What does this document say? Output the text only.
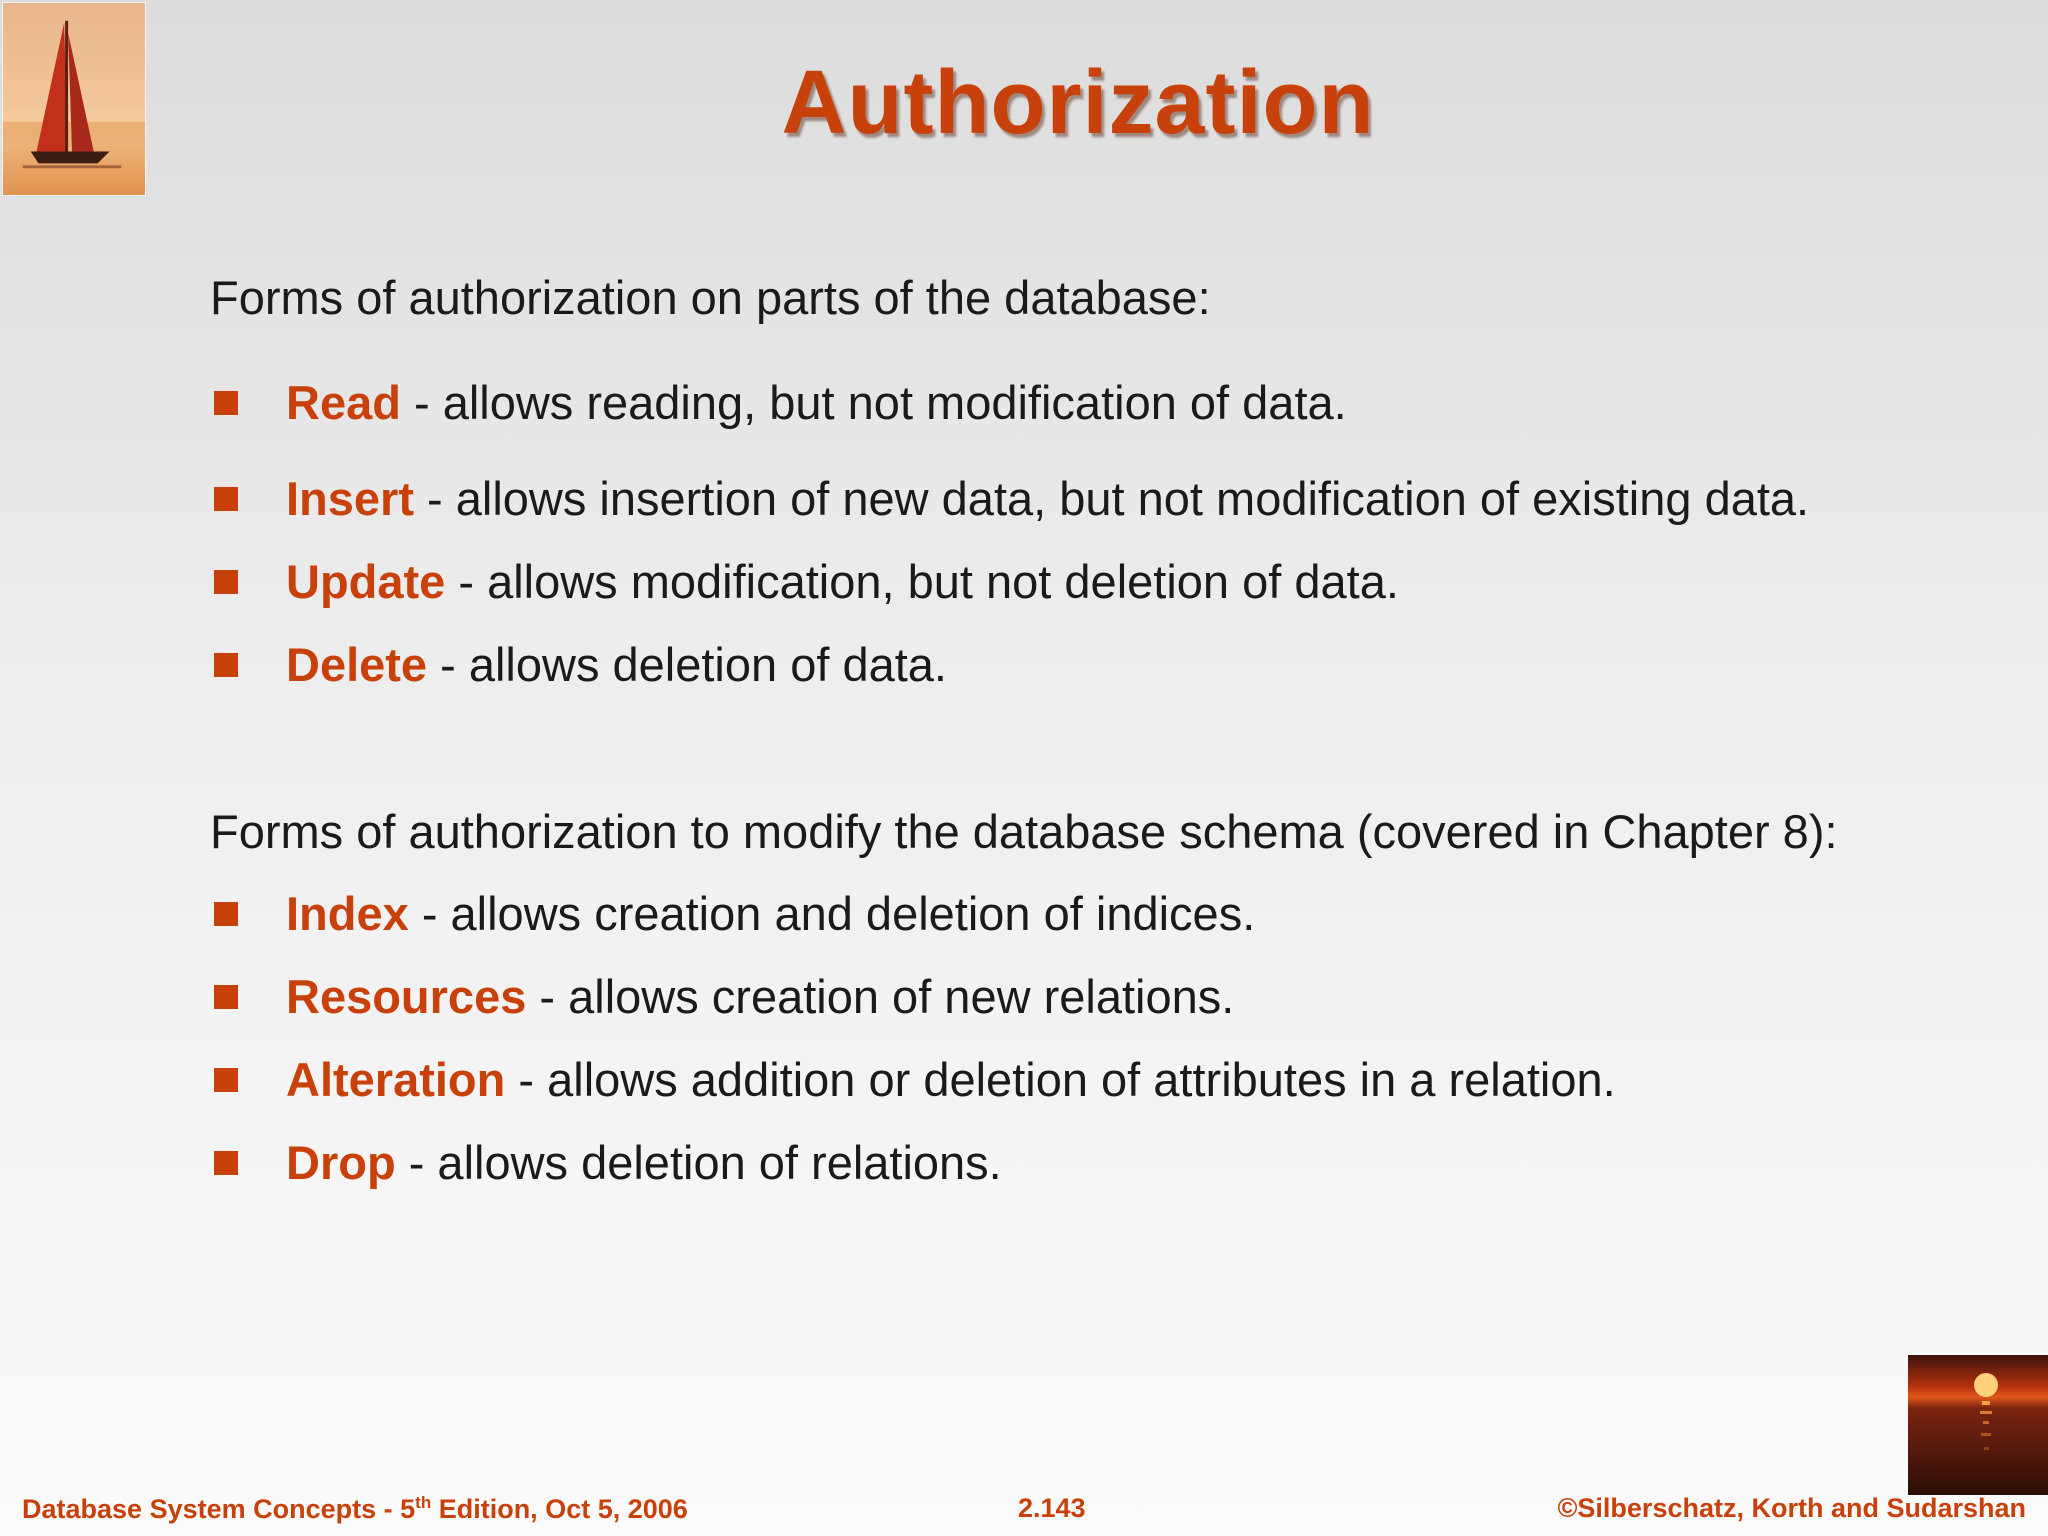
Authorization
Forms of authorization on parts of the database:
Read - allows reading, but not modification of data.
Insert - allows insertion of new data, but not modification of existing data.
Update - allows modification, but not deletion of data.
Delete - allows deletion of data.
Forms of authorization to modify the database schema (covered in Chapter 8):
Index - allows creation and deletion of indices.
Resources - allows creation of new relations.
Alteration - allows addition or deletion of attributes in a relation.
Drop - allows deletion of relations.
Database System Concepts - 5th Edition, Oct 5, 2006	2.143	©Silberschatz, Korth and Sudarshan
